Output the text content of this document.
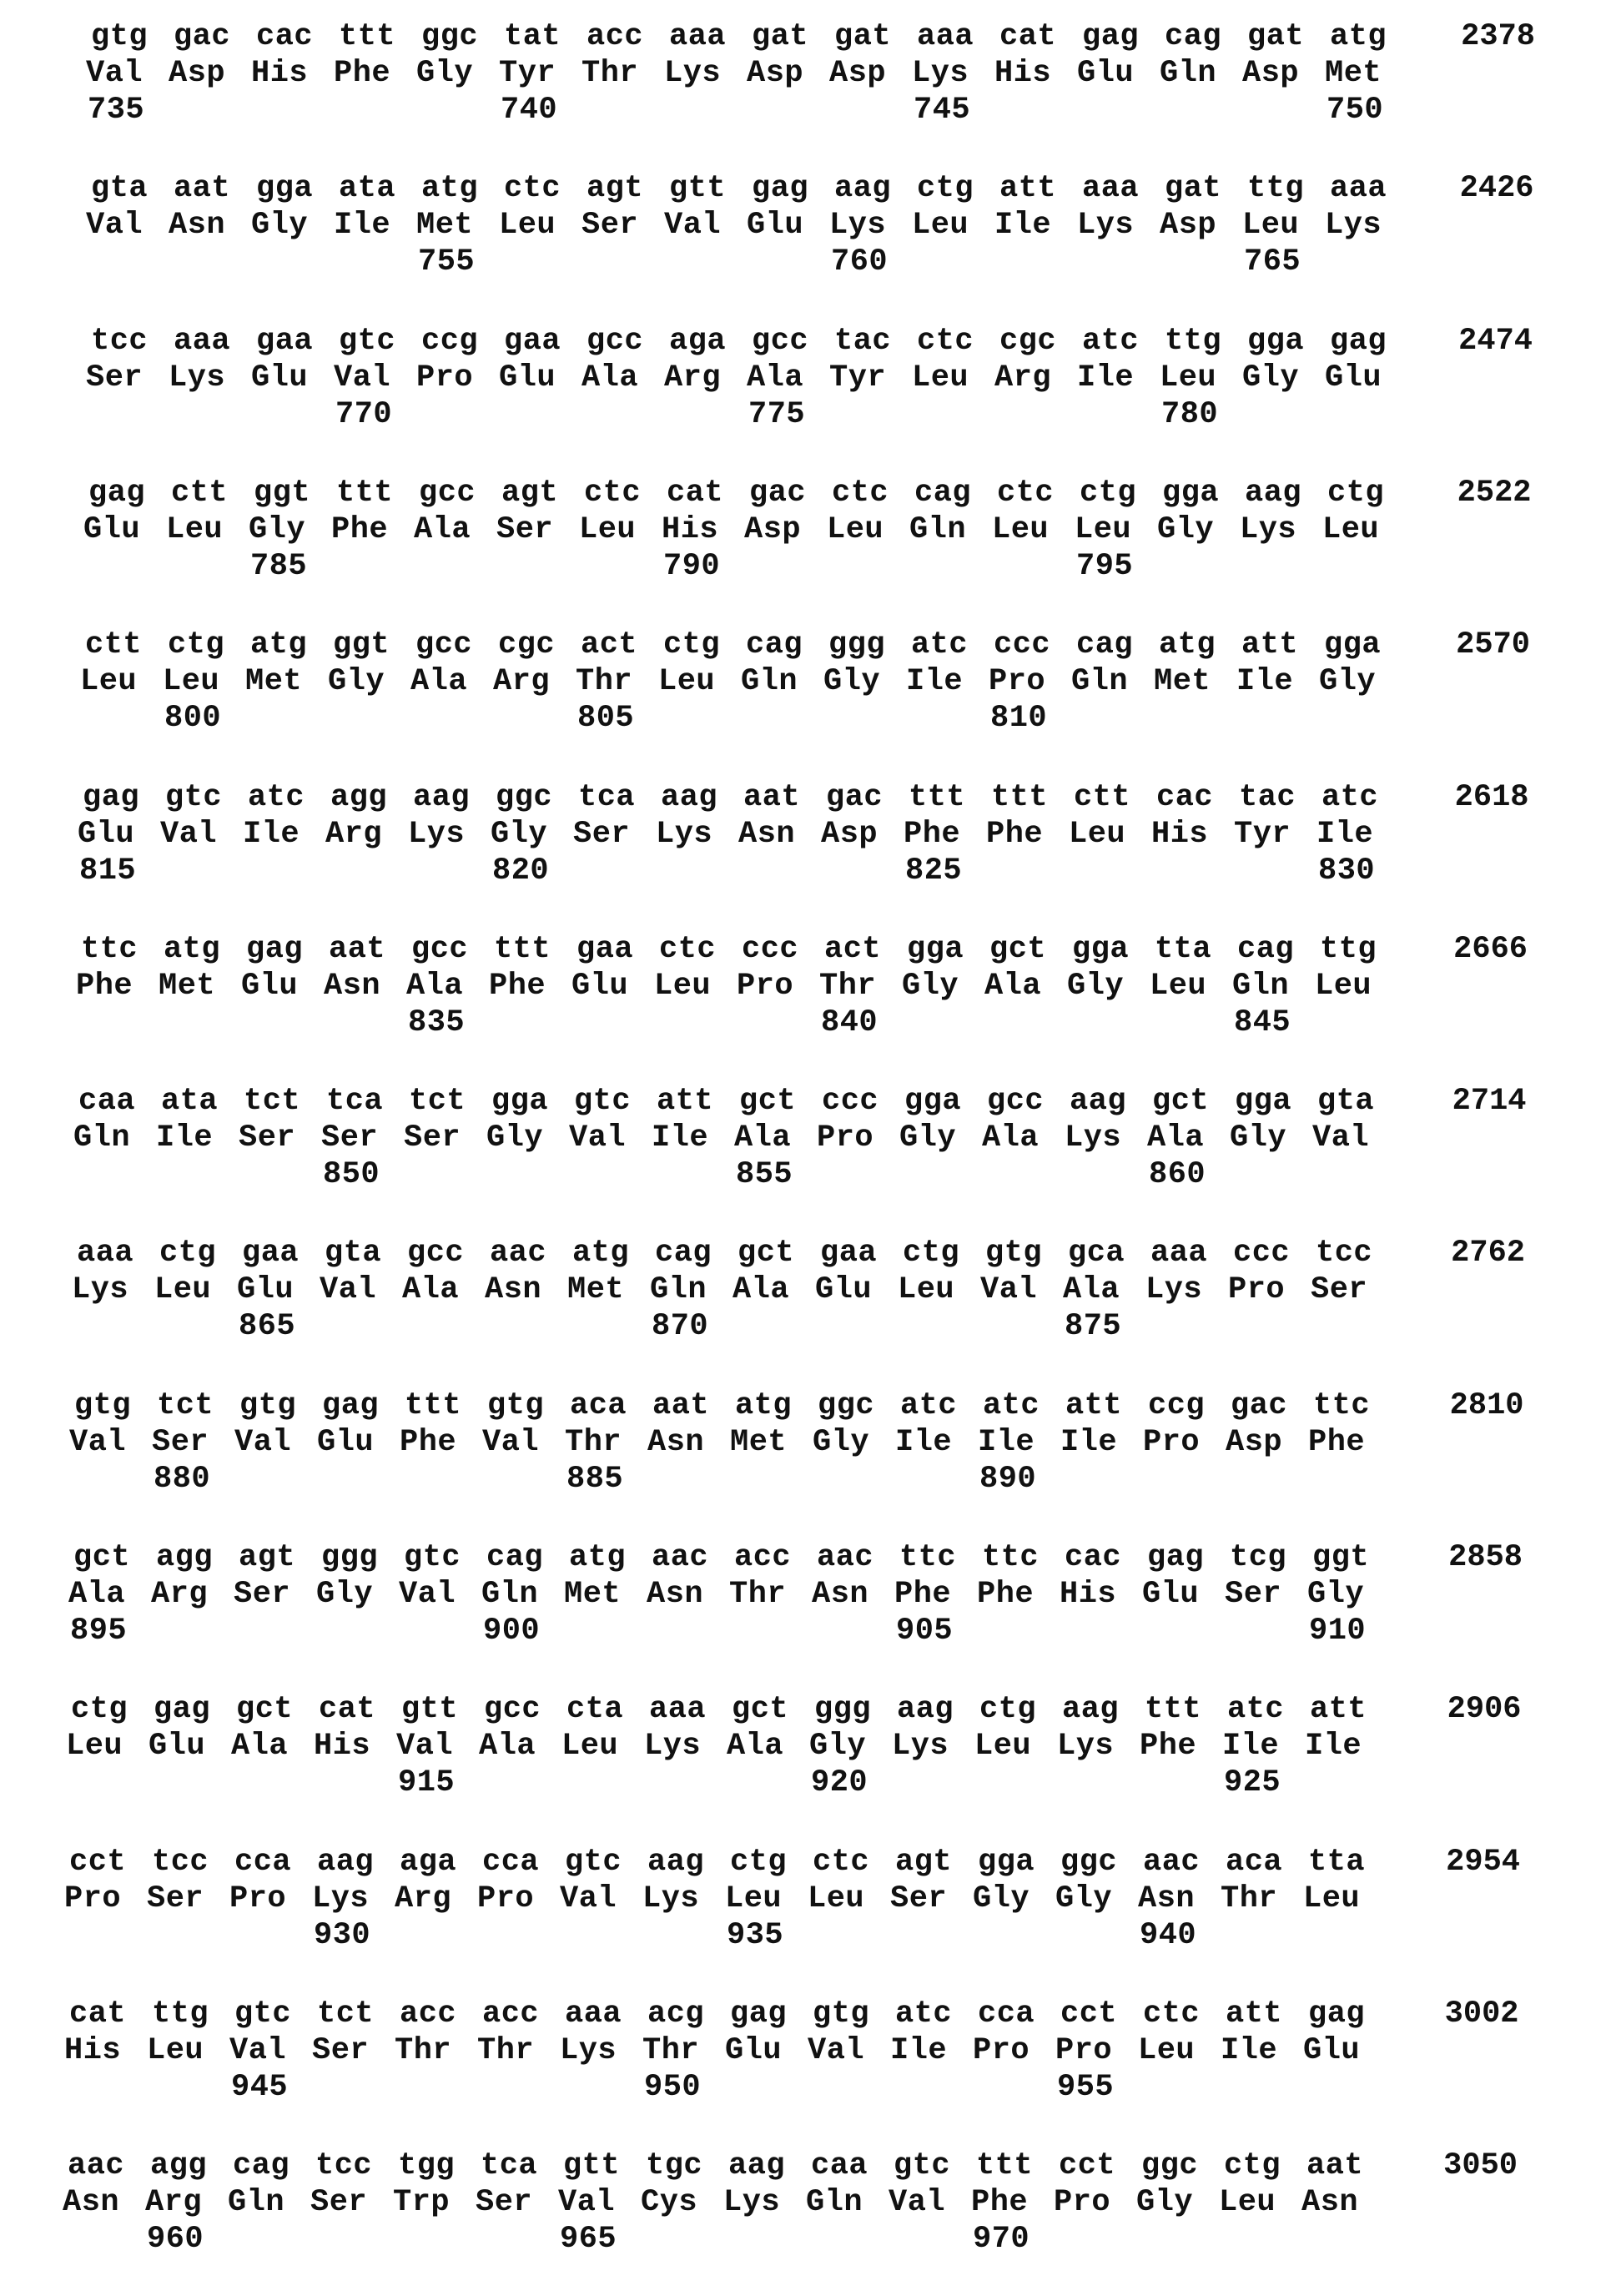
gtg gac cac ttt ggc tat acc aaa gat gat aaa cat gag cag gat atg
Val Asp His Phe Gly Tyr Thr Lys Asp Asp Lys His Glu Gln Asp Met
735	740	745	750
2378
gta aat gga ata atg ctc agt gtt gag aag ctg att aaa gat ttg aaa
Val Asn Gly Ile Met Leu Ser Val Glu Lys Leu Ile Lys Asp Leu Lys
755	760	765
2426
tcc aaa gaa gtc ccg gaa gcc aga gcc tac ctc cgc atc ttg gga gag
Ser Lys Glu Val Pro Glu Ala Arg Ala Tyr Leu Arg Ile Leu Gly Glu
770	775	780
2474
gag ctt ggt ttt gcc agt ctc cat gac ctc cag ctc ctg gga aag ctg
Glu Leu Gly Phe Ala Ser Leu His Asp Leu Gln Leu Leu Gly Lys Leu
785	790	795
2522
ctt ctg atg ggt gcc cgc act ctg cag ggg atc ccc cag atg att gga
Leu Leu Met Gly Ala Arg Thr Leu Gln Gly Ile Pro Gln Met Ile Gly
800	805	810
2570
gag gtc atc agg aag ggc tca aag aat gac ttt ttt ctt cac tac atc
Glu Val Ile Arg Lys Gly Ser Lys Asn Asp Phe Phe Leu His Tyr Ile
815	820	825	830
2618
ttc atg gag aat gcc ttt gaa ctc ccc act gga gct gga tta cag ttg
Phe Met Glu Asn Ala Phe Glu Leu Pro Thr Gly Ala Gly Leu Gln Leu
835	840	845
2666
caa ata tct tca tct gga gtc att gct ccc gga gcc aag gct gga gta
Gln Ile Ser Ser Ser Gly Val Ile Ala Pro Gly Ala Lys Ala Gly Val
850	855	860
2714
aaa ctg gaa gta gcc aac atg cag gct gaa ctg gtg gca aaa ccc tcc
Lys Leu Glu Val Ala Asn Met Gln Ala Glu Leu Val Ala Lys Pro Ser
865	870	875
2762
gtg tct gtg gag ttt gtg aca aat atg ggc atc atc att ccg gac ttc
Val Ser Val Glu Phe Val Thr Asn Met Gly Ile Ile Ile Pro Asp Phe
880	885	890
2810
gct agg agt ggg gtc cag atg aac acc aac ttc ttc cac gag tcg ggt
Ala Arg Ser Gly Val Gln Met Asn Thr Asn Phe Phe His Glu Ser Gly
895	900	905	910
2858
ctg gag gct cat gtt gcc cta aaa gct ggg aag ctg aag ttt atc att
Leu Glu Ala His Val Ala Leu Lys Ala Gly Lys Leu Lys Phe Ile Ile
915	920	925
2906
cct tcc cca aag aga cca gtc aag ctg ctc agt gga ggc aac aca tta
Pro Ser Pro Lys Arg Pro Val Lys Leu Leu Ser Gly Gly Asn Thr Leu
930	935	940
2954
cat ttg gtc tct acc acc aaa acg gag gtg atc cca cct ctc att gag
His Leu Val Ser Thr Thr Lys Thr Glu Val Ile Pro Pro Leu Ile Glu
945	950	955
3002
aac agg cag tcc tgg tca gtt tgc aag caa gtc ttt cct ggc ctg aat
Asn Arg Gln Ser Trp Ser Val Cys Lys Gln Val Phe Pro Gly Leu Asn
960	965	970
3050
